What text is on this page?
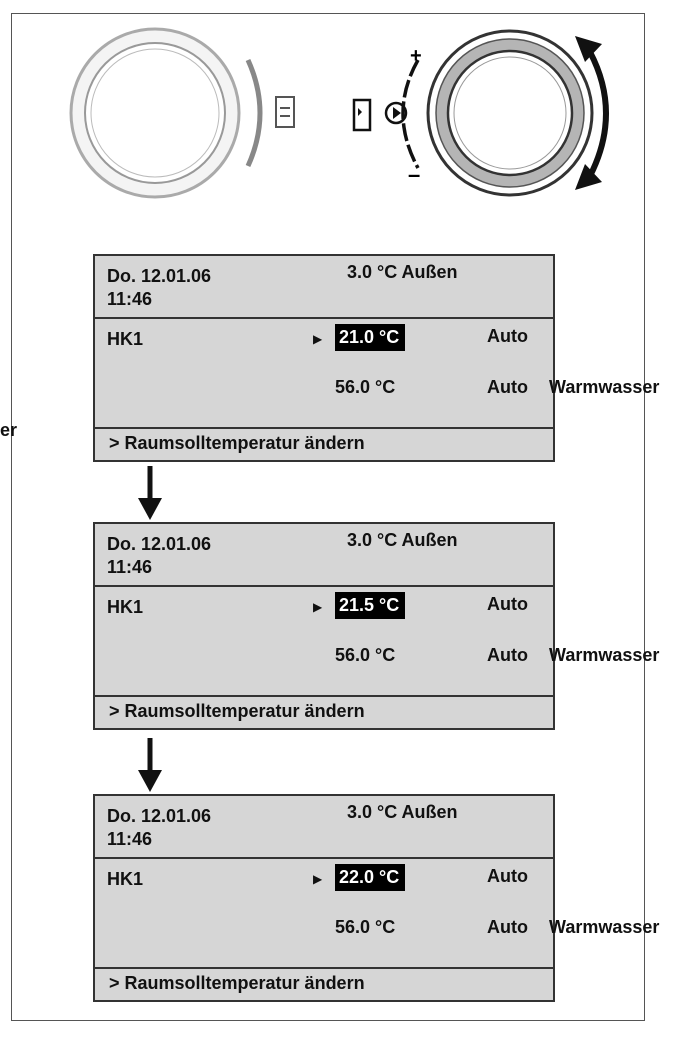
er
+
–
Do. 12.01.06
11:46
3.0 °C Außen
HK1	▶ 21.0 °C	Auto
56.0 °C	Auto Warmwasser
> Raumsolltemperatur ändern
Do. 12.01.06
11:46
3.0 °C Außen
HK1	▶ 21.5 °C	Auto
56.0 °C	Auto Warmwasser
> Raumsolltemperatur ändern
Do. 12.01.06
11:46
3.0 °C Außen
HK1	▶ 22.0 °C	Auto
56.0 °C	Auto Warmwasser
> Raumsolltemperatur ändern
